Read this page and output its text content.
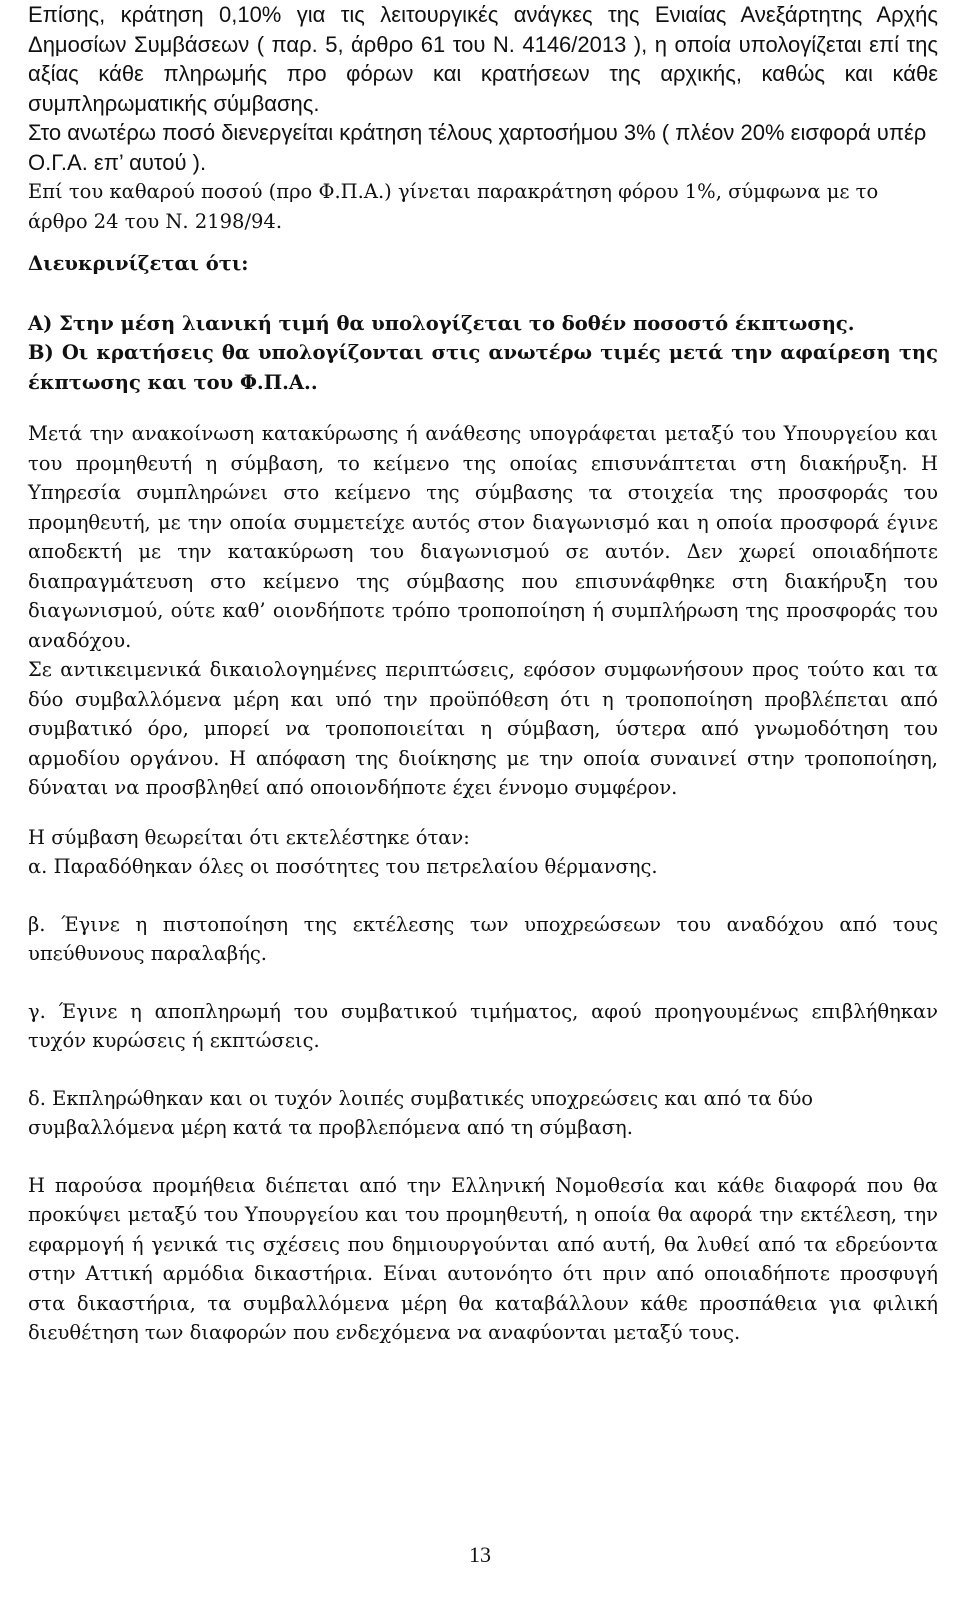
Επίσης, κράτηση 0,10% για τις λειτουργικές ανάγκες της Ενιαίας Ανεξάρτητης Αρχής Δημοσίων Συμβάσεων ( παρ. 5, άρθρο 61 του Ν. 4146/2013 ), η οποία υπολογίζεται επί της αξίας κάθε πληρωμής προ φόρων και κρατήσεων της αρχικής, καθώς και κάθε συμπληρωματικής σύμβασης.

Στο ανωτέρω ποσό διενεργείται κράτηση τέλους χαρτοσήμου 3% ( πλέον 20% εισφορά υπέρ Ο.Γ.Α. επ’ αυτού ).

Επί του καθαρού ποσού (προ Φ.Π.Α.) γίνεται παρακράτηση φόρου 1%, σύμφωνα με το άρθρο 24 του Ν. 2198/94.

Διευκρινίζεται ότι:

Α) Στην μέση λιανική τιμή θα υπολογίζεται το δοθέν ποσοστό έκπτωσης.

Β) Οι κρατήσεις θα υπολογίζονται στις ανωτέρω τιμές μετά την αφαίρεση της έκπτωσης και του Φ.Π.Α..

Μετά την ανακοίνωση κατακύρωσης ή ανάθεσης υπογράφεται μεταξύ του Υπουργείου και του προμηθευτή η σύμβαση, το κείμενο της οποίας επισυνάπτεται στη διακήρυξη. Η Υπηρεσία συμπληρώνει στο κείμενο της σύμβασης τα στοιχεία της προσφοράς του προμηθευτή, με την οποία συμμετείχε αυτός στον διαγωνισμό και η οποία προσφορά έγινε αποδεκτή με την κατακύρωση του διαγωνισμού σε αυτόν. Δεν χωρεί οποιαδήποτε διαπραγμάτευση στο κείμενο της σύμβασης που επισυνάφθηκε στη διακήρυξη του διαγωνισμού, ούτε καθ’ οιονδήποτε τρόπο τροποποίηση ή συμπλήρωση της προσφοράς του αναδόχου.

Σε αντικειμενικά δικαιολογημένες περιπτώσεις, εφόσον συμφωνήσουν προς τούτο και τα δύο συμβαλλόμενα μέρη και υπό την προϋπόθεση ότι η τροποποίηση προβλέπεται από συμβατικό όρο, μπορεί να τροποποιείται η σύμβαση, ύστερα από γνωμοδότηση του αρμοδίου οργάνου. Η απόφαση της διοίκησης με την οποία συναινεί στην τροποποίηση, δύναται να προσβληθεί από οποιονδήποτε έχει έννομο συμφέρον.

Η σύμβαση θεωρείται ότι εκτελέστηκε όταν:

α. Παραδόθηκαν όλες οι ποσότητες του πετρελαίου θέρμανσης.

β. Έγινε η πιστοποίηση της εκτέλεσης των υποχρεώσεων του αναδόχου από τους υπεύθυνους παραλαβής.

γ. Έγινε η αποπληρωμή του συμβατικού τιμήματος, αφού προηγουμένως επιβλήθηκαν τυχόν κυρώσεις ή εκπτώσεις.

δ. Εκπληρώθηκαν και οι τυχόν λοιπές συμβατικές υποχρεώσεις και από τα δύο συμβαλλόμενα μέρη κατά τα προβλεπόμενα από τη σύμβαση.

Η παρούσα προμήθεια διέπεται από την Ελληνική Νομοθεσία και κάθε διαφορά που θα προκύψει μεταξύ του Υπουργείου και του προμηθευτή, η οποία θα αφορά την εκτέλεση, την εφαρμογή ή γενικά τις σχέσεις που δημιουργούνται από αυτή, θα λυθεί από τα εδρεύοντα στην Αττική αρμόδια δικαστήρια. Είναι αυτονόητο ότι πριν από οποιαδήποτε προσφυγή στα δικαστήρια, τα συμβαλλόμενα μέρη θα καταβάλλουν κάθε προσπάθεια για φιλική διευθέτηση των διαφορών που ενδεχόμενα να αναφύονται μεταξύ τους.

13
